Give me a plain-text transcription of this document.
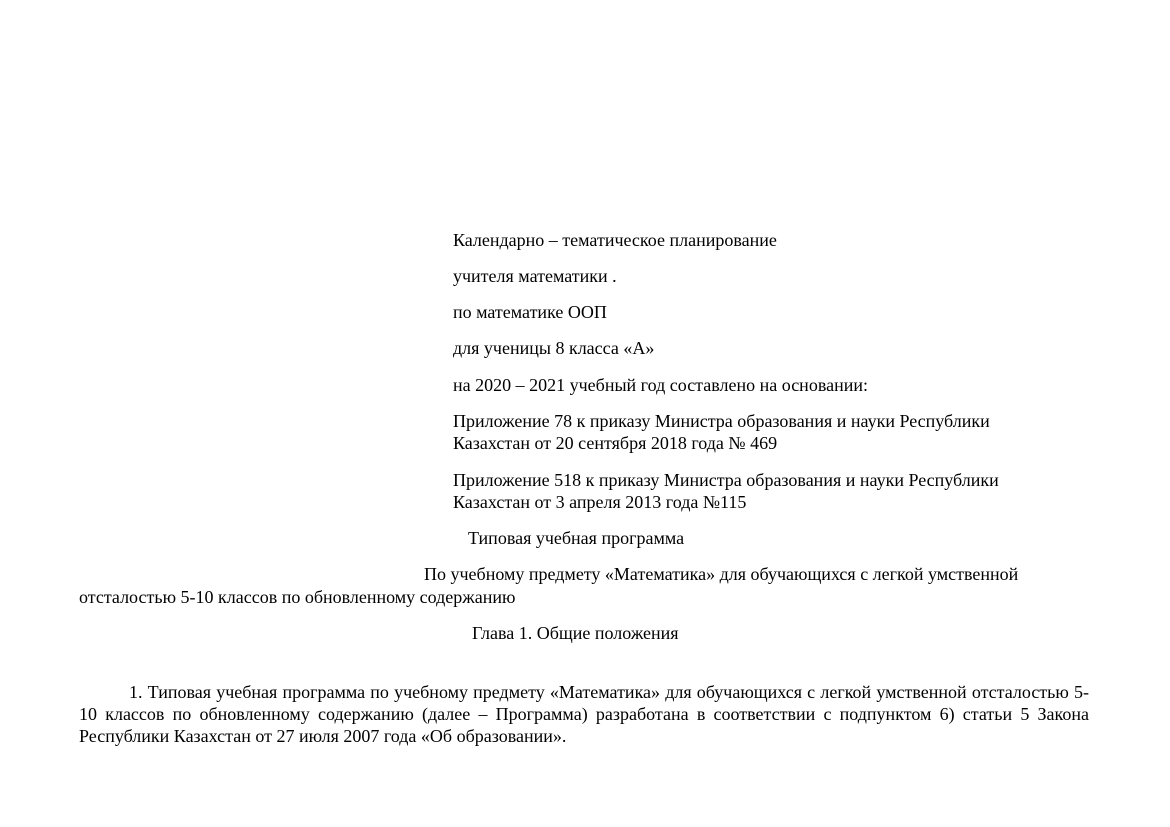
Календарно – тематическое планирование
учителя математики .
по математике ООП
для ученицы 8 класса «А»
на 2020 – 2021 учебный год составлено на основании:
Приложение 78 к приказу Министра образования и науки Республики
Казахстан от 20 сентября 2018 года № 469
Приложение 518 к приказу Министра образования и науки Республики
Казахстан от 3 апреля 2013 года №115
Типовая учебная программа
По учебному предмету «Математика» для обучающихся с легкой умственной
отсталостью 5-10 классов по обновленному содержанию
Глава 1. Общие положения
1. Типовая учебная программа по учебному предмету «Математика» для обучающихся с легкой умственной отсталостью 5-10 классов по обновленному содержанию (далее – Программа) разработана в соответствии с подпунктом 6) статьи 5 Закона Республики Казахстан от 27 июля 2007 года «Об образовании».
